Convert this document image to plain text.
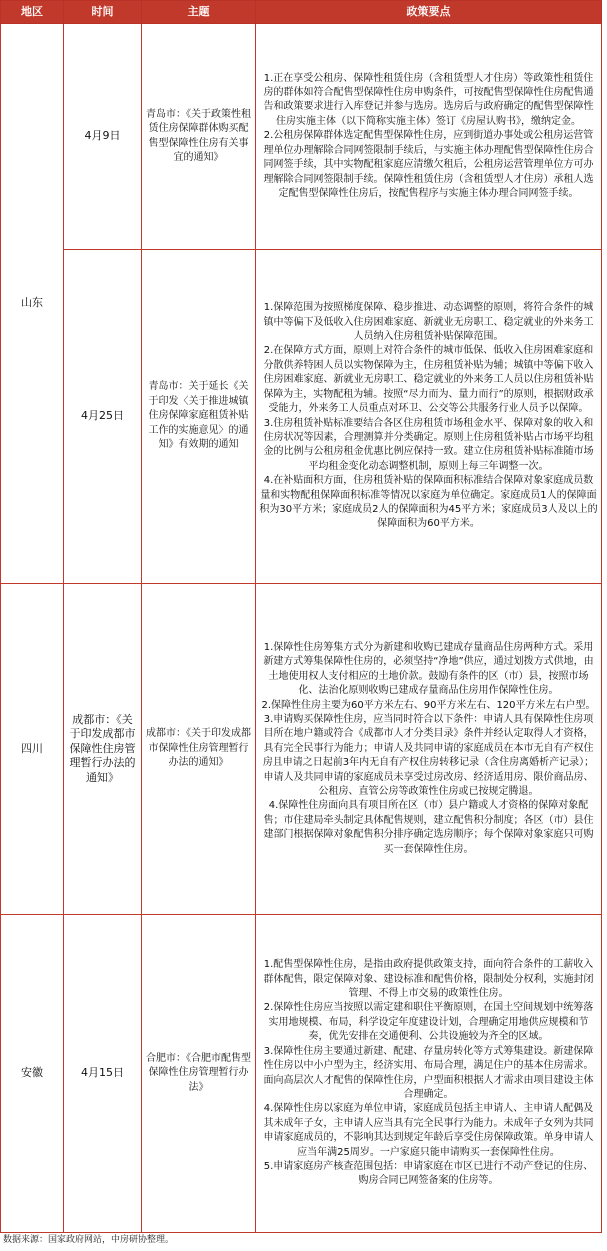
地区	时间	主题	政策要点
山东	4月9日	青岛市：《关于政策性租赁住房保障群体购买配售型保障性住房有关事宜的通知》	1.正在享受公租房、保障性租赁住房（含租赁型人才住房）等政策性租赁住房的群体如符合配售型保障性住房申购条件，可按配售型保障性住房配售通告和政策要求进行入库登记并参与选房。选房后与政府确定的配售型保障性住房实施主体（以下简称实施主体）签订《房屋认购书》，缴纳定金。

2.公租房保障群体选定配售型保障性住房，应到街道办事处或公租房运营管理单位办理解除合同网签限制手续后，与实施主体办理配售型保障性住房合同网签手续，其中实物配租家庭应清缴欠租后，公租房运营管理单位方可办理解除合同网签限制手续。保障性租赁住房（含租赁型人才住房）承租人选定配售型保障性住房后，按配售程序与实施主体办理合同网签手续。

	4月25日	青岛市：关于延长《关于印发〈关于推进城镇住房保障家庭租赁补贴工作的实施意见〉的通知》有效期的通知	1.保障范围为按照梯度保障、稳步推进、动态调整的原则，将符合条件的城镇中等偏下及低收入住房困难家庭、新就业无房职工、稳定就业的外来务工人员纳入住房租赁补贴保障范围。

2.在保障方式方面，原则上对符合条件的城市低保、低收入住房困难家庭和分散供养特困人员以实物保障为主，住房租赁补贴为辅；城镇中等偏下收入住房困难家庭、新就业无房职工、稳定就业的外来务工人员以住房租赁补贴保障为主，实物配租为辅。按照“尽力而为、量力而行”的原则，根据财政承受能力，外来务工人员重点对环卫、公交等公共服务行业人员予以保障。

3.住房租赁补贴标准要结合各区住房租赁市场租金水平、保障对象的收入和住房状况等因素，合理测算并分类确定。原则上住房租赁补贴占市场平均租金的比例与公租房租金优惠比例应保持一致。建立住房租赁补贴标准随市场平均租金变化动态调整机制，原则上每三年调整一次。

4.在补贴面积方面，住房租赁补贴的保障面积标准结合保障对象家庭成员数量和实物配租保障面积标准等情况以家庭为单位确定。家庭成员1人的保障面积为30平方米；家庭成员2人的保障面积为45平方米；家庭成员3人及以上的保障面积为60平方米。

四川	成都市：《关于印发成都市保障性住房管理暂行办法的通知》	成都市：《关于印发成都市保障性住房管理暂行办法的通知》	1.保障性住房筹集方式分为新建和收购已建成存量商品住房两种方式。采用新建方式筹集保障性住房的，必须坚持“净地”供应，通过划拨方式供地，由土地使用权人支付相应的土地价款。鼓励有条件的区（市）县，按照市场化、法治化原则收购已建成存量商品住房用作保障性住房。

2.保障性住房主要为60平方米左右、90平方米左右、120平方米左右户型。

3.申请购买保障性住房，应当同时符合以下条件：申请人具有保障性住房项目所在地户籍或符合《成都市人才分类目录》条件并经认定取得人才资格，具有完全民事行为能力；申请人及共同申请的家庭成员在本市无自有产权住房且申请之日起前3年内无自有产权住房转移记录（含住房离婚析产记录）；申请人及共同申请的家庭成员未享受过房改房、经济适用房、限价商品房、公租房、直管公房等政策性住房或已按规定腾退。

4.保障性住房面向具有项目所在区（市）县户籍或人才资格的保障对象配售；市住建局牵头制定具体配售规则，建立配售积分制度；各区（市）县住建部门根据保障对象配售积分排序确定选房顺序；每个保障对象家庭只可购买一套保障性住房。

安徽	4月15日	合肥市：《合肥市配售型保障性住房管理暂行办法》	1.配售型保障性住房，是指由政府提供政策支持，面向符合条件的工薪收入群体配售，限定保障对象、建设标准和配售价格，限制处分权利，实施封闭管理、不得上市交易的政策性住房。

2.保障性住房应当按照以需定建和职住平衡原则，在国土空间规划中统筹落实用地规模、布局，科学设定年度建设计划，合理确定用地供应规模和节奏，优先安排在交通便利、公共设施较为齐全的区域。

3.保障性住房主要通过新建、配建、存量房转化等方式筹集建设。新建保障性住房以中小户型为主，经济实用、布局合理，满足住户的基本住房需求。面向高层次人才配售的保障性住房，户型面积根据人才需求由项目建设主体合理确定。

4.保障性住房以家庭为单位申请，家庭成员包括主申请人、主申请人配偶及其未成年子女，主申请人应当具有完全民事行为能力。未成年子女列为共同申请家庭成员的，不影响其达到规定年龄后享受住房保障政策。单身申请人应当年满25周岁。一户家庭只能申请购买一套保障性住房。

5.申请家庭房产核查范围包括：申请家庭在市区已进行不动产登记的住房、购房合同已网签备案的住房等。

数据来源：国家政府网站，中房研协整理。
